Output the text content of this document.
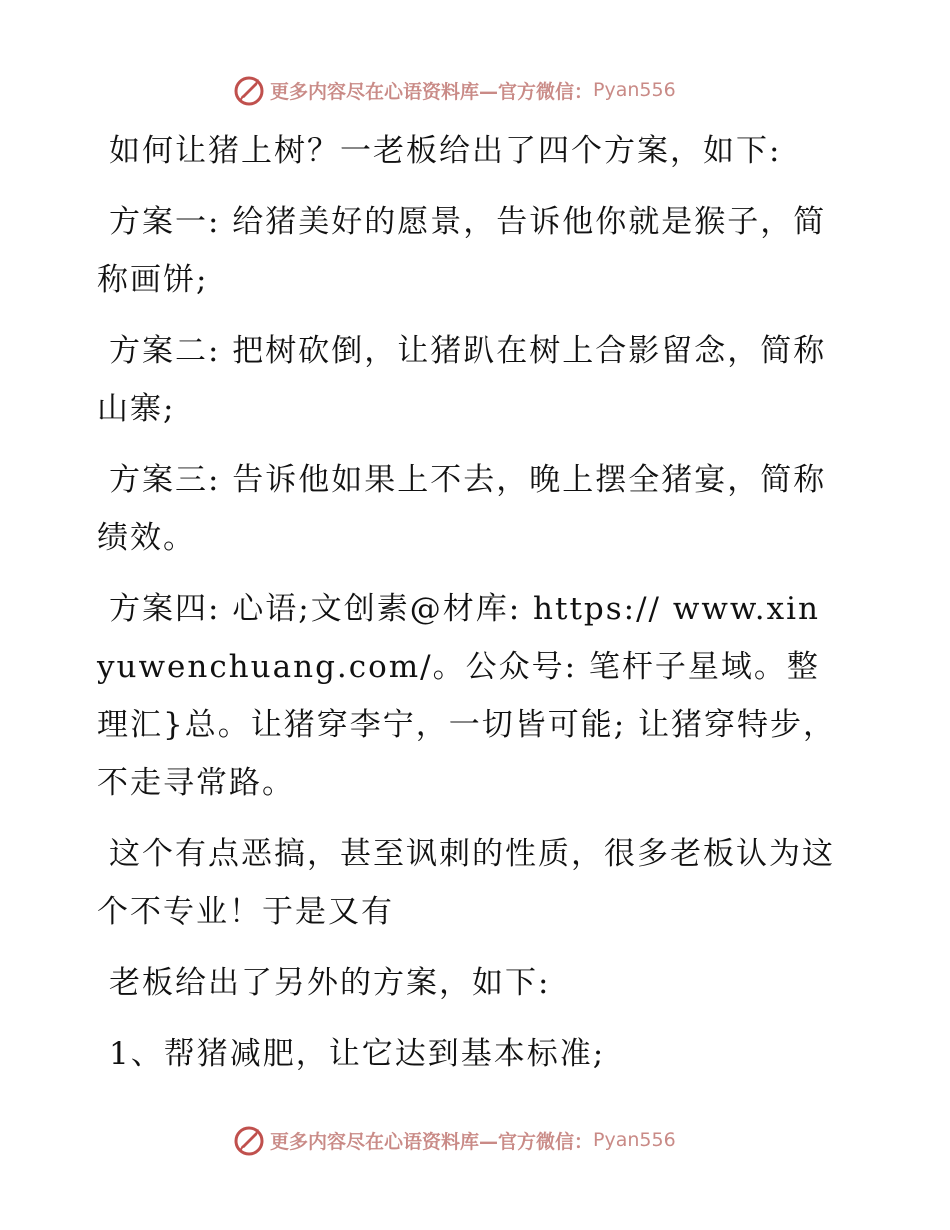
更多内容尽在心语资料库—官方微信： Pyan556

如何让猪上树？一老板给出了四个方案，如下:

方案一: 给猪美好的愿景，告诉他你就是猴子，简称画饼;

方案二: 把树砍倒，让猪趴在树上合影留念，简称山寨;

方案三: 告诉他如果上不去，晚上摆全猪宴，简称绩效。

方案四: 心语;文创素@材库: https:// www.xinyuwenchuang.com/。公众号: 笔杆子星域。整理汇}总。让猪穿李宁，一切皆可能; 让猪穿特步，不走寻常路。

这个有点恶搞，甚至讽刺的性质，很多老板认为这个不专业！于是又有

老板给出了另外的方案，如下:

1、帮猪减肥，让它达到基本标准;

更多内容尽在心语资料库—官方微信： Pyan556
